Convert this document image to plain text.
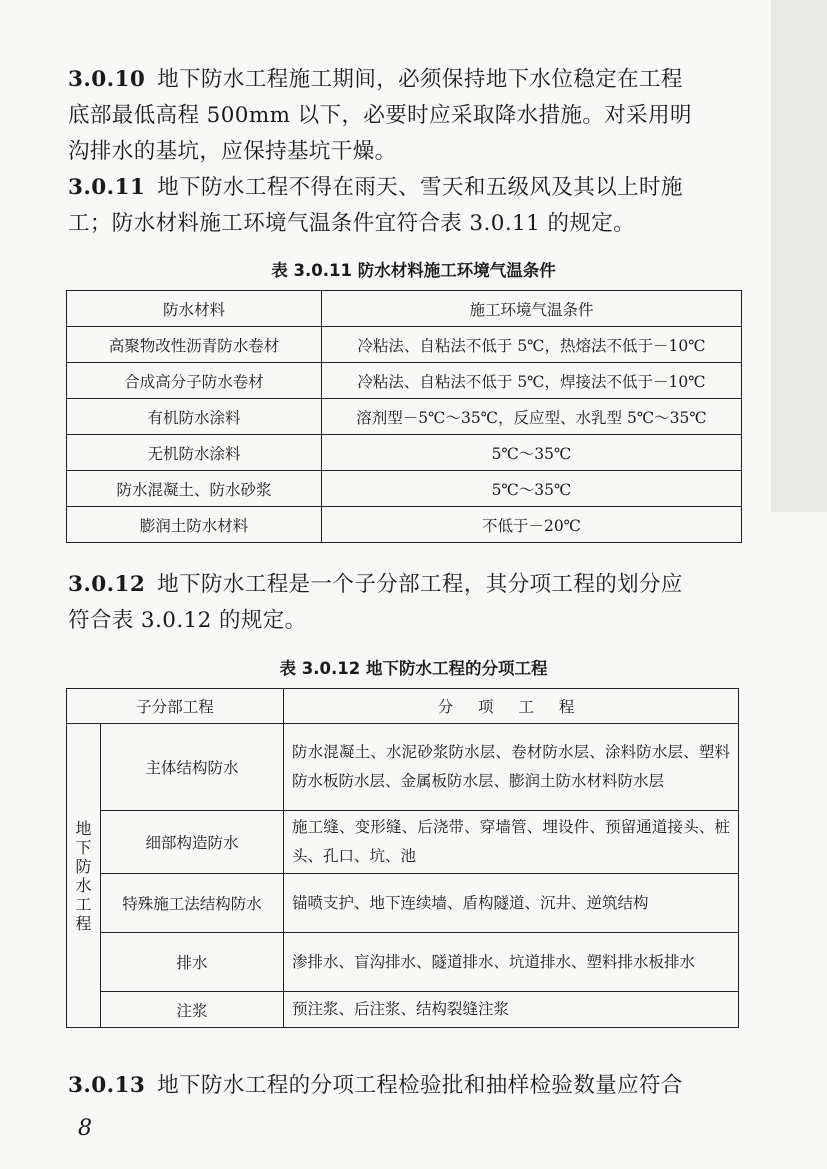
3.0.10 地下防水工程施工期间，必须保持地下水位稳定在工程
底部最低高程 500mm 以下，必要时应采取降水措施。对采用明
沟排水的基坑，应保持基坑干燥。
3.0.11 地下防水工程不得在雨天、雪天和五级风及其以上时施
工；防水材料施工环境气温条件宜符合表 3.0.11 的规定。
表 3.0.11 防水材料施工环境气温条件
防水材料	施工环境气温条件
高聚物改性沥青防水卷材	冷粘法、自粘法不低于 5℃，热熔法不低于－10℃
合成高分子防水卷材	冷粘法、自粘法不低于 5℃，焊接法不低于－10℃
有机防水涂料	溶剂型－5℃～35℃，反应型、水乳型 5℃～35℃
无机防水涂料	5℃～35℃
防水混凝土、防水砂浆	5℃～35℃
膨润土防水材料	不低于－20℃
3.0.12 地下防水工程是一个子分部工程，其分项工程的划分应
符合表 3.0.12 的规定。
表 3.0.12 地下防水工程的分项工程
子分部工程		分 项 工 程

地下防水工程	主体结构防水	防水混凝土、水泥砂浆防水层、卷材防水层、涂料防水层、塑料防水板防水层、金属板防水层、膨润土防水材料防水层
	细部构造防水	施工缝、变形缝、后浇带、穿墙管、埋设件、预留通道接头、桩头、孔口、坑、池
	特殊施工法结构防水	锚喷支护、地下连续墙、盾构隧道、沉井、逆筑结构
	排水	渗排水、盲沟排水、隧道排水、坑道排水、塑料排水板排水
	注浆	预注浆、后注浆、结构裂缝注浆
3.0.13 地下防水工程的分项工程检验批和抽样检验数量应符合
8
